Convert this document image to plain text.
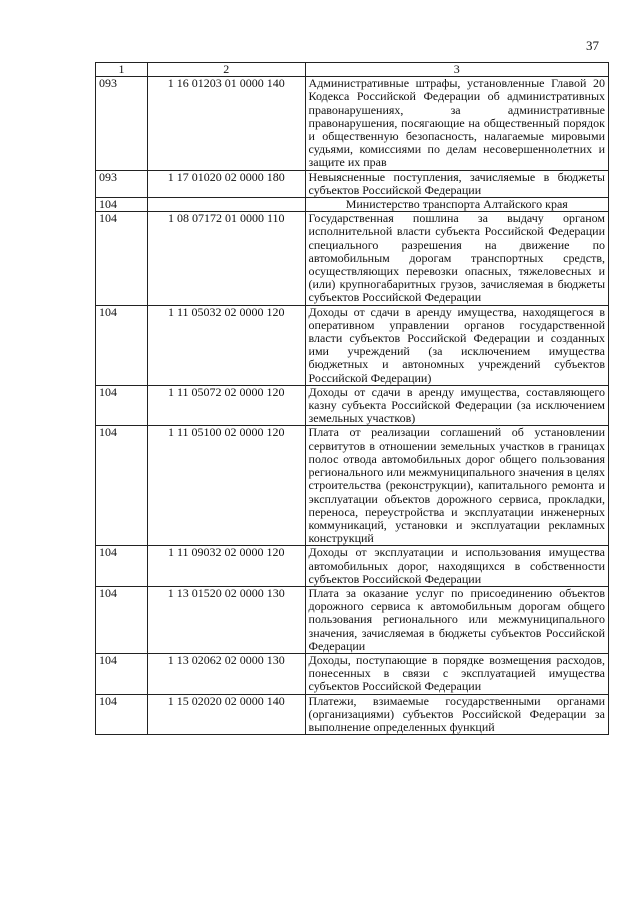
37
1	2	3
093	1 16 01203 01 0000 140	Административные штрафы, установленные Главой 20 Кодекса Российской Федерации об административных правонарушениях, за административные правонарушения, посягающие на общественный порядок и общественную безопасность, налагаемые мировыми судьями, комиссиями по делам несовершеннолетних и защите их прав
093	1 17 01020 02 0000 180	Невыясненные поступления, зачисляемые в бюджеты субъектов Российской Федерации
104		Министерство транспорта Алтайского края
104	1 08 07172 01 0000 110	Государственная пошлина за выдачу органом исполнительной власти субъекта Российской Федерации специального разрешения на движение по автомобильным дорогам транспортных средств, осуществляющих перевозки опасных, тяжеловесных и (или) крупногабаритных грузов, зачисляемая в бюджеты субъектов Российской Федерации
104	1 11 05032 02 0000 120	Доходы от сдачи в аренду имущества, находящегося в оперативном управлении органов государственной власти субъектов Российской Федерации и созданных ими учреждений (за исключением имущества бюджетных и автономных учреждений субъектов Российской Федерации)
104	1 11 05072 02 0000 120	Доходы от сдачи в аренду имущества, составляющего казну субъекта Российской Федерации (за исключением земельных участков)
104	1 11 05100 02 0000 120	Плата от реализации соглашений об установлении сервитутов в отношении земельных участков в границах полос отвода автомобильных дорог общего пользования регионального или межмуниципального значения в целях строительства (реконструкции), капитального ремонта и эксплуатации объектов дорожного сервиса, прокладки, переноса, переустройства и эксплуатации инженерных коммуникаций, установки и эксплуатации рекламных конструкций
104	1 11 09032 02 0000 120	Доходы от эксплуатации и использования имущества автомобильных дорог, находящихся в собственности субъектов Российской Федерации
104	1 13 01520 02 0000 130	Плата за оказание услуг по присоединению объектов дорожного сервиса к автомобильным дорогам общего пользования регионального или межмуниципального значения, зачисляемая в бюджеты субъектов Российской Федерации
104	1 13 02062 02 0000 130	Доходы, поступающие в порядке возмещения расходов, понесенных в связи с эксплуатацией имущества субъектов Российской Федерации
104	1 15 02020 02 0000 140	Платежи, взимаемые государственными органами (организациями) субъектов Российской Федерации за выполнение определенных функций
